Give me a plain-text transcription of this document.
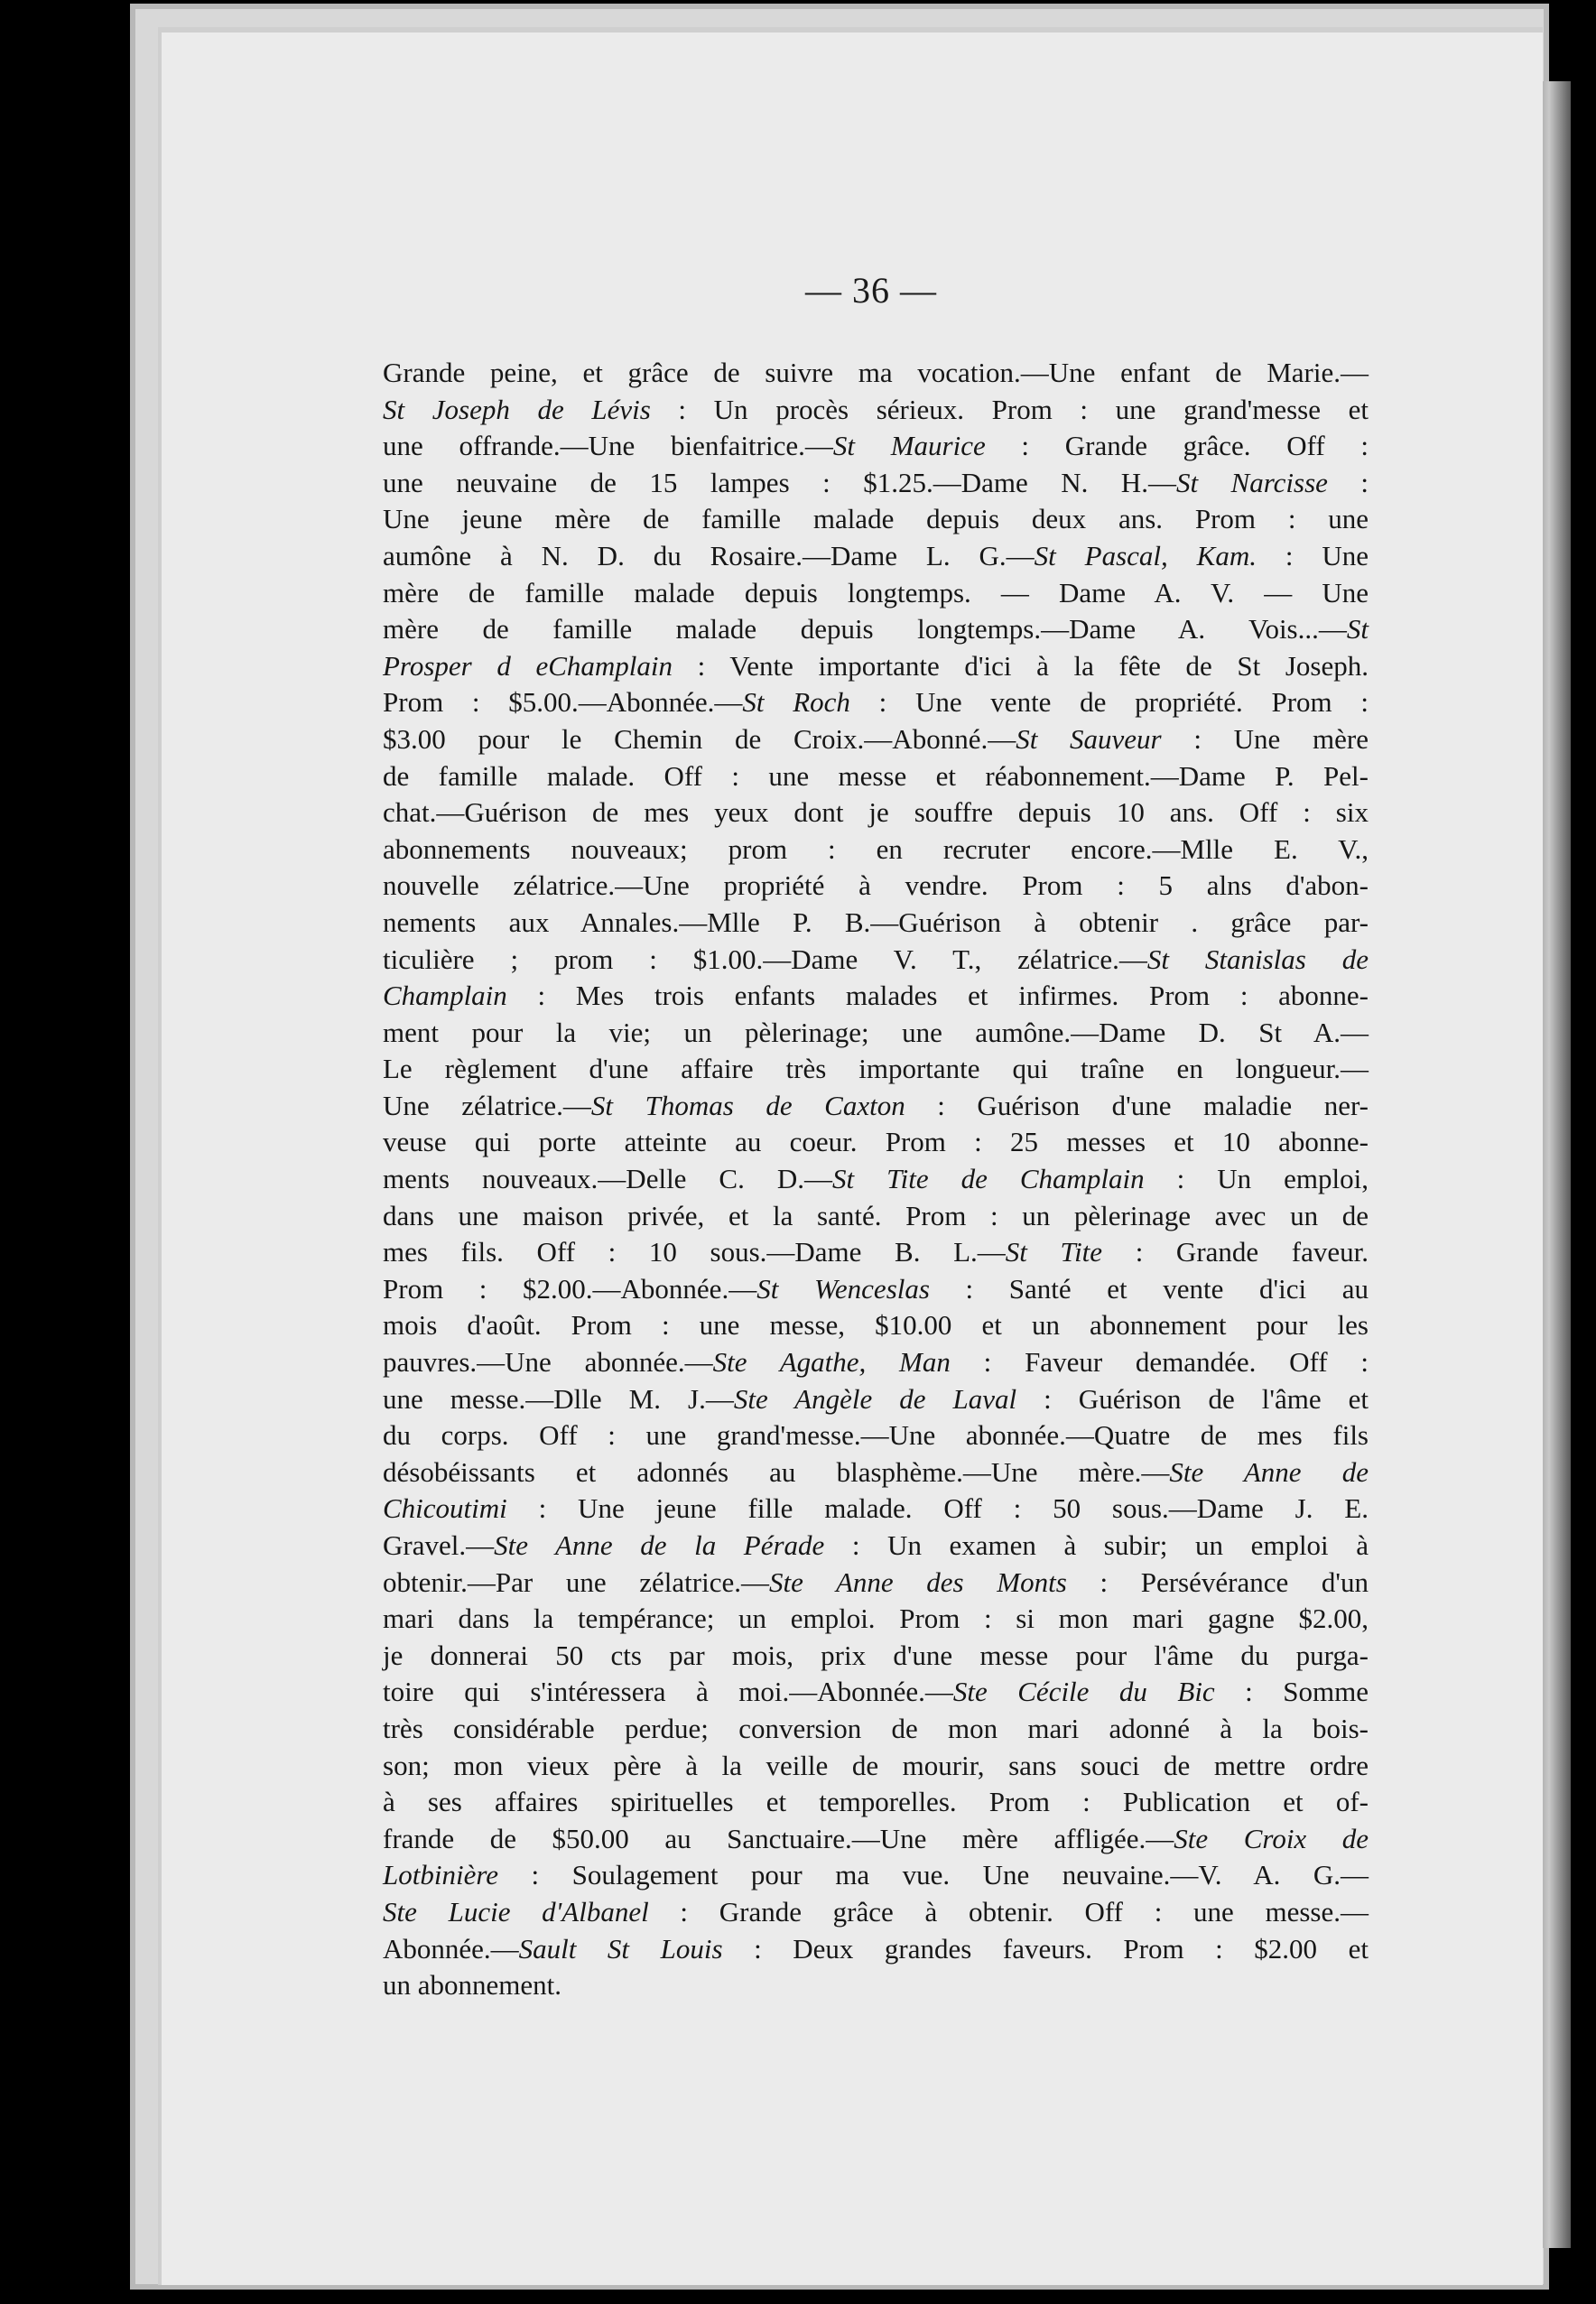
— 36 —
Grande peine, et grâce de suivre ma vocation.—Une enfant de Marie.—
St Joseph de Lévis : Un procès sérieux. Prom : une grand'messe et
une offrande.—Une bienfaitrice.—St Maurice : Grande grâce. Off :
une neuvaine de 15 lampes : $1.25.—Dame N. H.—St Narcisse :
Une jeune mère de famille malade depuis deux ans. Prom : une
aumône à N. D. du Rosaire.—Dame L. G.—St Pascal, Kam. : Une
mère de famille malade depuis longtemps. — Dame A. V. — Une
mère de famille malade depuis longtemps.—Dame A. Vois...—St
Prosper d eChamplain : Vente importante d'ici à la fête de St Joseph.
Prom : $5.00.—Abonnée.—St Roch : Une vente de propriété. Prom :
$3.00 pour le Chemin de Croix.—Abonné.—St Sauveur : Une mère
de famille malade. Off : une messe et réabonnement.—Dame P. Pel-
chat.—Guérison de mes yeux dont je souffre depuis 10 ans. Off : six
abonnements nouveaux; prom : en recruter encore.—Mlle E. V.,
nouvelle zélatrice.—Une propriété à vendre. Prom : 5 alns d'abon-
nements aux Annales.—Mlle P. B.—Guérison à obtenir . grâce par-
ticulière ; prom : $1.00.—Dame V. T., zélatrice.—St Stanislas de
Champlain : Mes trois enfants malades et infirmes. Prom : abonne-
ment pour la vie; un pèlerinage; une aumône.—Dame D. St A.—
Le règlement d'une affaire très importante qui traîne en longueur.—
Une zélatrice.—St Thomas de Caxton : Guérison d'une maladie ner-
veuse qui porte atteinte au coeur. Prom : 25 messes et 10 abonne-
ments nouveaux.—Delle C. D.—St Tite de Champlain : Un emploi,
dans une maison privée, et la santé. Prom : un pèlerinage avec un de
mes fils. Off : 10 sous.—Dame B. L.—St Tite : Grande faveur.
Prom : $2.00.—Abonnée.—St Wenceslas : Santé et vente d'ici au
mois d'août. Prom : une messe, $10.00 et un abonnement pour les
pauvres.—Une abonnée.—Ste Agathe, Man : Faveur demandée. Off :
une messe.—Dlle M. J.—Ste Angèle de Laval : Guérison de l'âme et
du corps. Off : une grand'messe.—Une abonnée.—Quatre de mes fils
désobéissants et adonnés au blasphème.—Une mère.—Ste Anne de
Chicoutimi : Une jeune fille malade. Off : 50 sous.—Dame J. E.
Gravel.—Ste Anne de la Pérade : Un examen à subir; un emploi à
obtenir.—Par une zélatrice.—Ste Anne des Monts : Persévérance d'un
mari dans la tempérance; un emploi. Prom : si mon mari gagne $2.00,
je donnerai 50 cts par mois, prix d'une messe pour l'âme du purga-
toire qui s'intéressera à moi.—Abonnée.—Ste Cécile du Bic : Somme
très considérable perdue; conversion de mon mari adonné à la bois-
son; mon vieux père à la veille de mourir, sans souci de mettre ordre
à ses affaires spirituelles et temporelles. Prom : Publication et of-
frande de $50.00 au Sanctuaire.—Une mère affligée.—Ste Croix de
Lotbinière : Soulagement pour ma vue. Une neuvaine.—V. A. G.—
Ste Lucie d'Albanel : Grande grâce à obtenir. Off : une messe.—
Abonnée.—Sault St Louis : Deux grandes faveurs. Prom : $2.00 et
un abonnement.
